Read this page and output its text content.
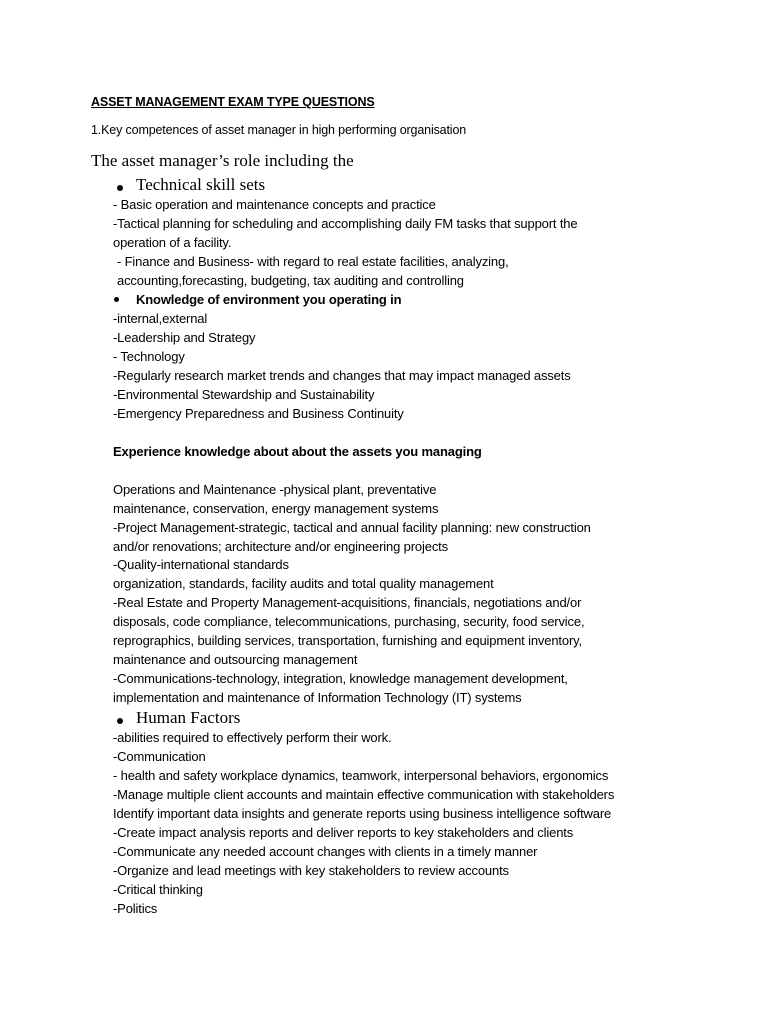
ASSET MANAGEMENT EXAM TYPE QUESTIONS
1.Key competences of asset manager in high performing organisation
The asset manager’s role including the
Technical skill sets
- Basic operation and maintenance concepts and practice
-Tactical planning for scheduling and accomplishing daily FM tasks that support the
operation of a facility.
- Finance and Business- with regard to real estate facilities, analyzing,
accounting,forecasting, budgeting, tax auditing and controlling
Knowledge of environment you operating in
-internal,external
-Leadership and Strategy
- Technology
-Regularly research market trends and changes that may impact managed assets
-Environmental Stewardship and Sustainability
-Emergency Preparedness and Business Continuity
Experience knowledge about about the assets you managing
Operations and Maintenance -physical plant, preventative
maintenance, conservation, energy management systems
-Project Management-strategic, tactical and annual facility planning: new construction
and/or renovations; architecture and/or engineering projects
-Quality-international standards
organization, standards, facility audits and total quality management
-Real Estate and Property Management-acquisitions, financials, negotiations and/or
disposals, code compliance, telecommunications, purchasing, security, food service,
reprographics, building services, transportation, furnishing and equipment inventory,
maintenance and outsourcing management
-Communications-technology, integration, knowledge management development,
implementation and maintenance of Information Technology (IT) systems
Human Factors
-abilities required to effectively perform their work.
-Communication
- health and safety workplace dynamics, teamwork, interpersonal behaviors, ergonomics
-Manage multiple client accounts and maintain effective communication with stakeholders
Identify important data insights and generate reports using business intelligence software
-Create impact analysis reports and deliver reports to key stakeholders and clients
-Communicate any needed account changes with clients in a timely manner
-Organize and lead meetings with key stakeholders to review accounts
-Critical thinking
-Politics
